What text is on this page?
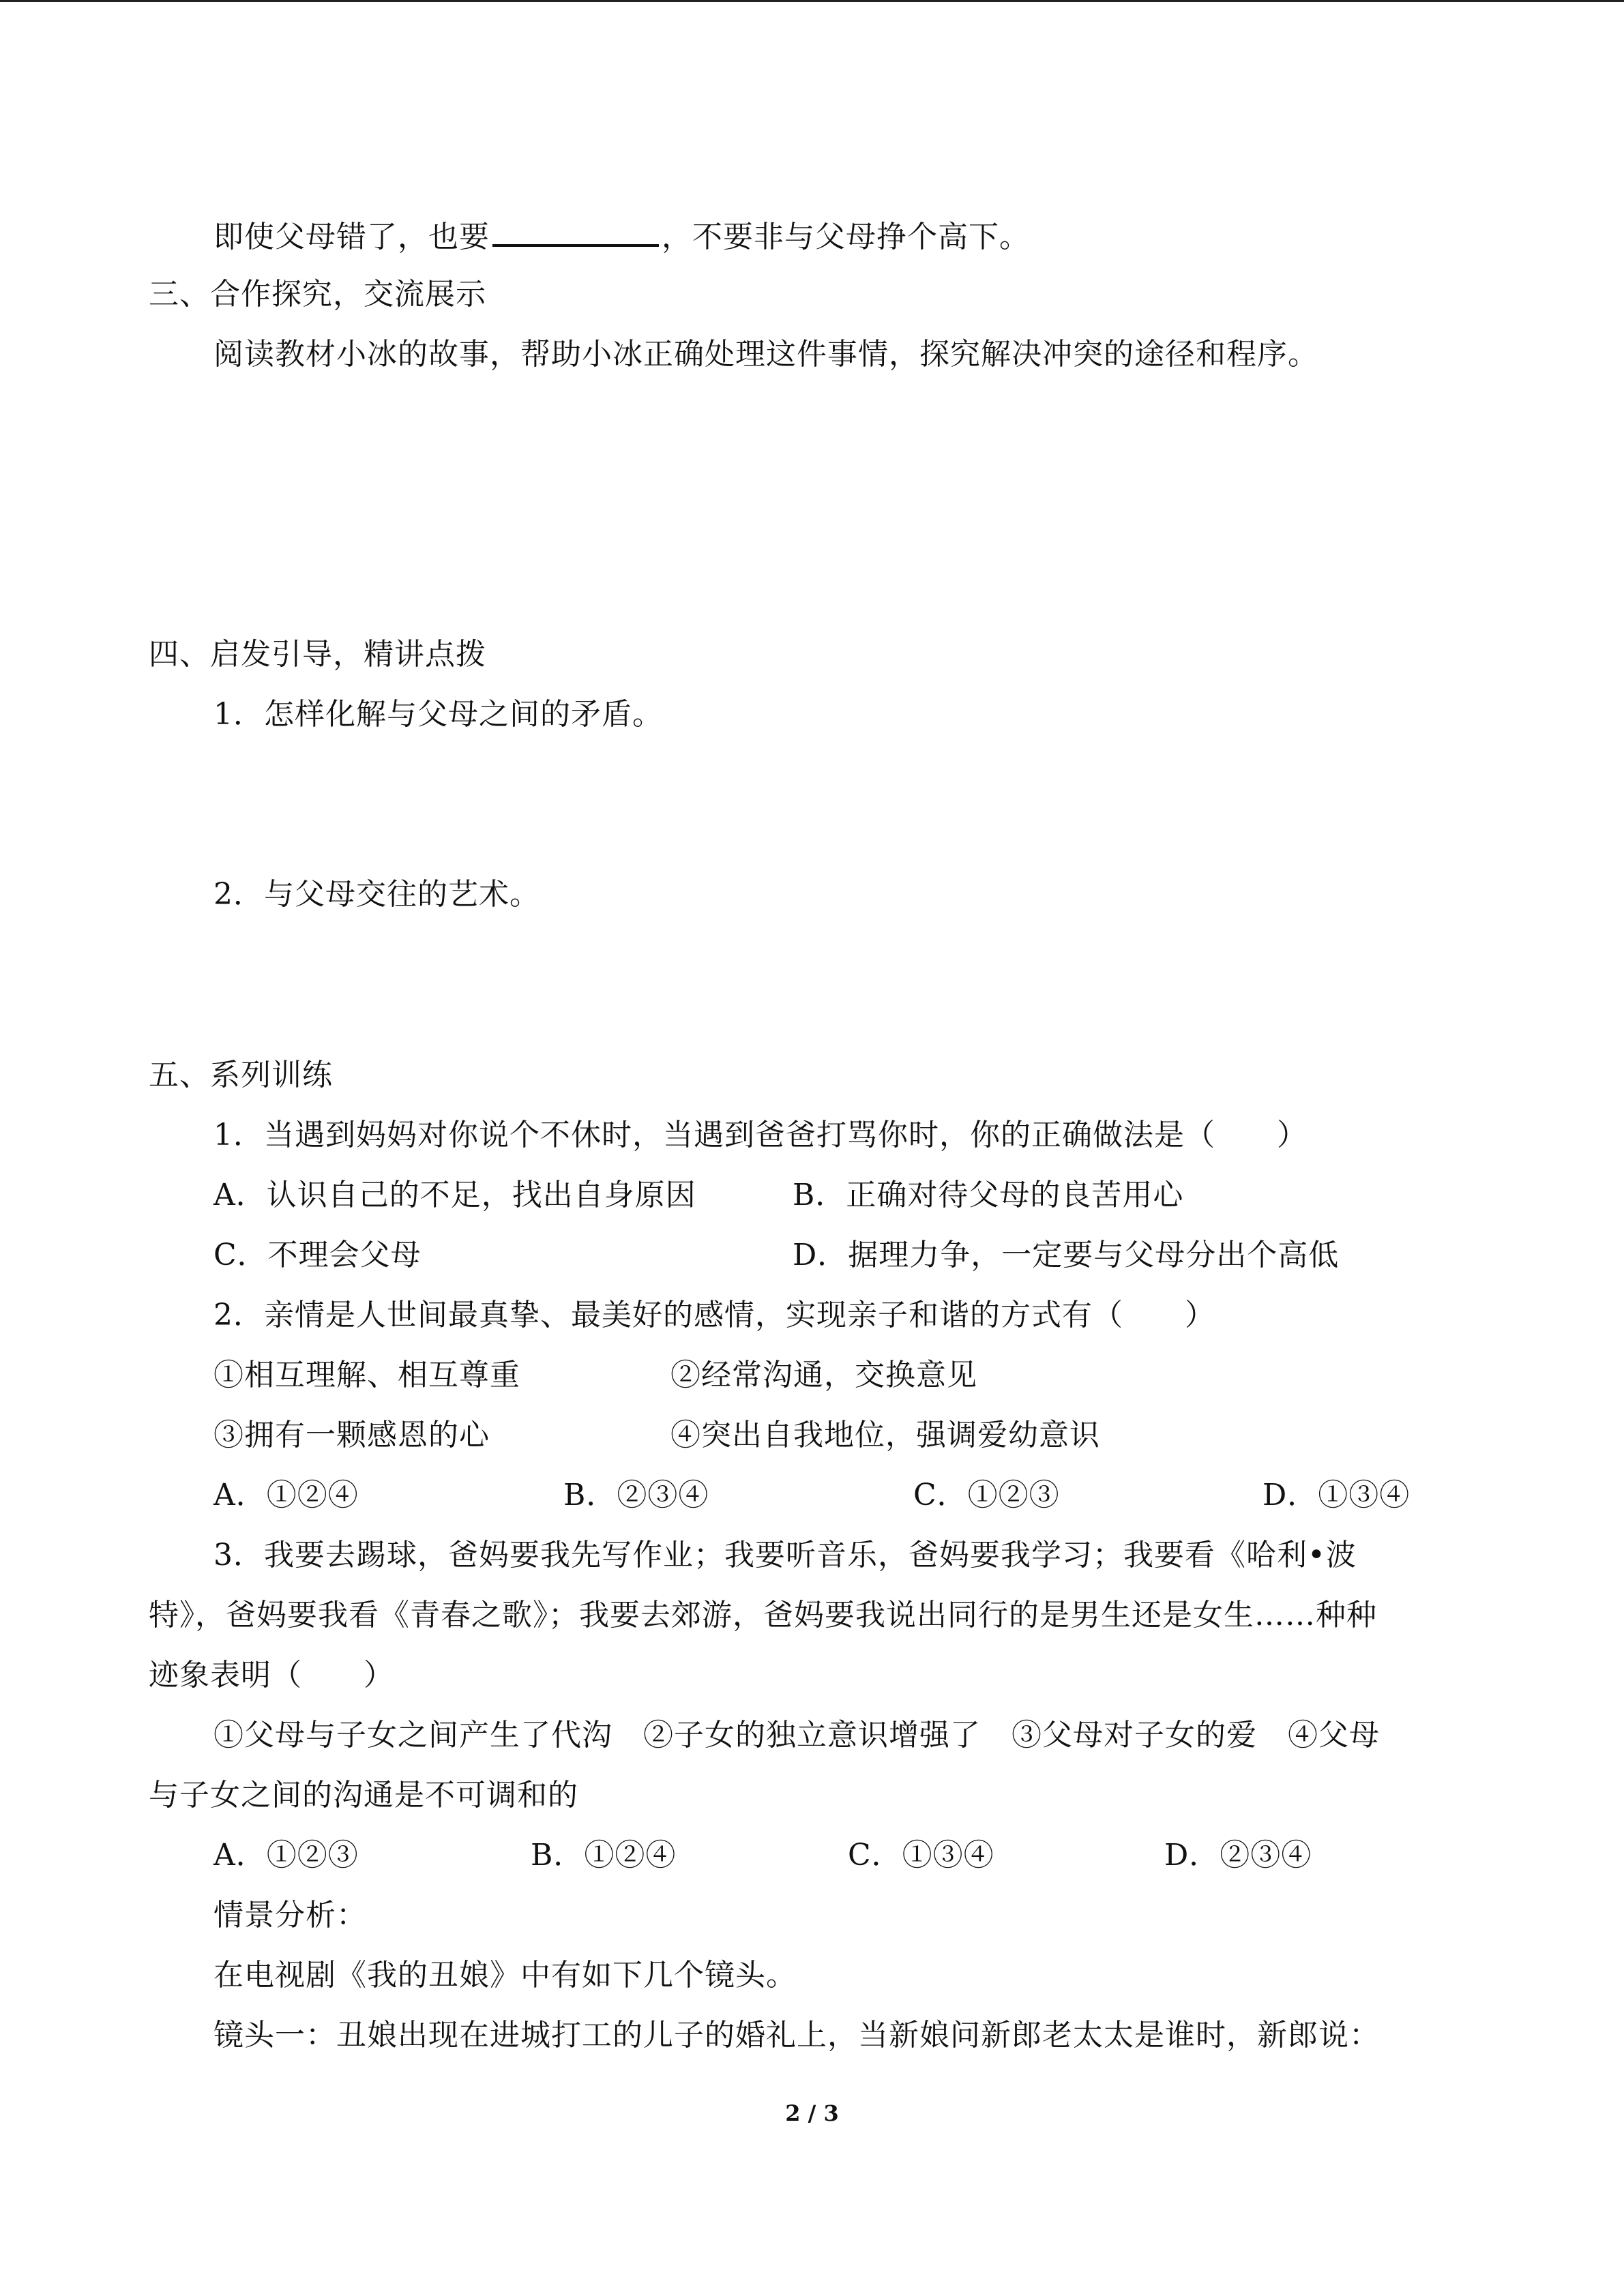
即使父母错了，也要	，不要非与父母挣个高下。
三、合作探究，交流展示
阅读教材小冰的故事，帮助小冰正确处理这件事情，探究解决冲突的途径和程序。
四、启发引导，精讲点拨
1．怎样化解与父母之间的矛盾。
2．与父母交往的艺术。
五、系列训练
1．当遇到妈妈对你说个不休时，当遇到爸爸打骂你时，你的正确做法是（　　）
A．认识自己的不足，找出自身原因	B．正确对待父母的良苦用心
C．不理会父母	D．据理力争，一定要与父母分出个高低
2．亲情是人世间最真挚、最美好的感情，实现亲子和谐的方式有（　　）
①相互理解、相互尊重	②经常沟通，交换意见
③拥有一颗感恩的心	④突出自我地位，强调爱幼意识
A．①②④	B．②③④	C．①②③	D．①③④
3．我要去踢球，爸妈要我先写作业；我要听音乐，爸妈要我学习；我要看《哈利•波
特》，爸妈要我看《青春之歌》；我要去郊游，爸妈要我说出同行的是男生还是女生……种种
迹象表明（　　）
①父母与子女之间产生了代沟　②子女的独立意识增强了　③父母对子女的爱　④父母
与子女之间的沟通是不可调和的
A．①②③	B．①②④	C．①③④	D．②③④
情景分析：
在电视剧《我的丑娘》中有如下几个镜头。
镜头一：丑娘出现在进城打工的儿子的婚礼上，当新娘问新郎老太太是谁时，新郎说：
2 / 3
